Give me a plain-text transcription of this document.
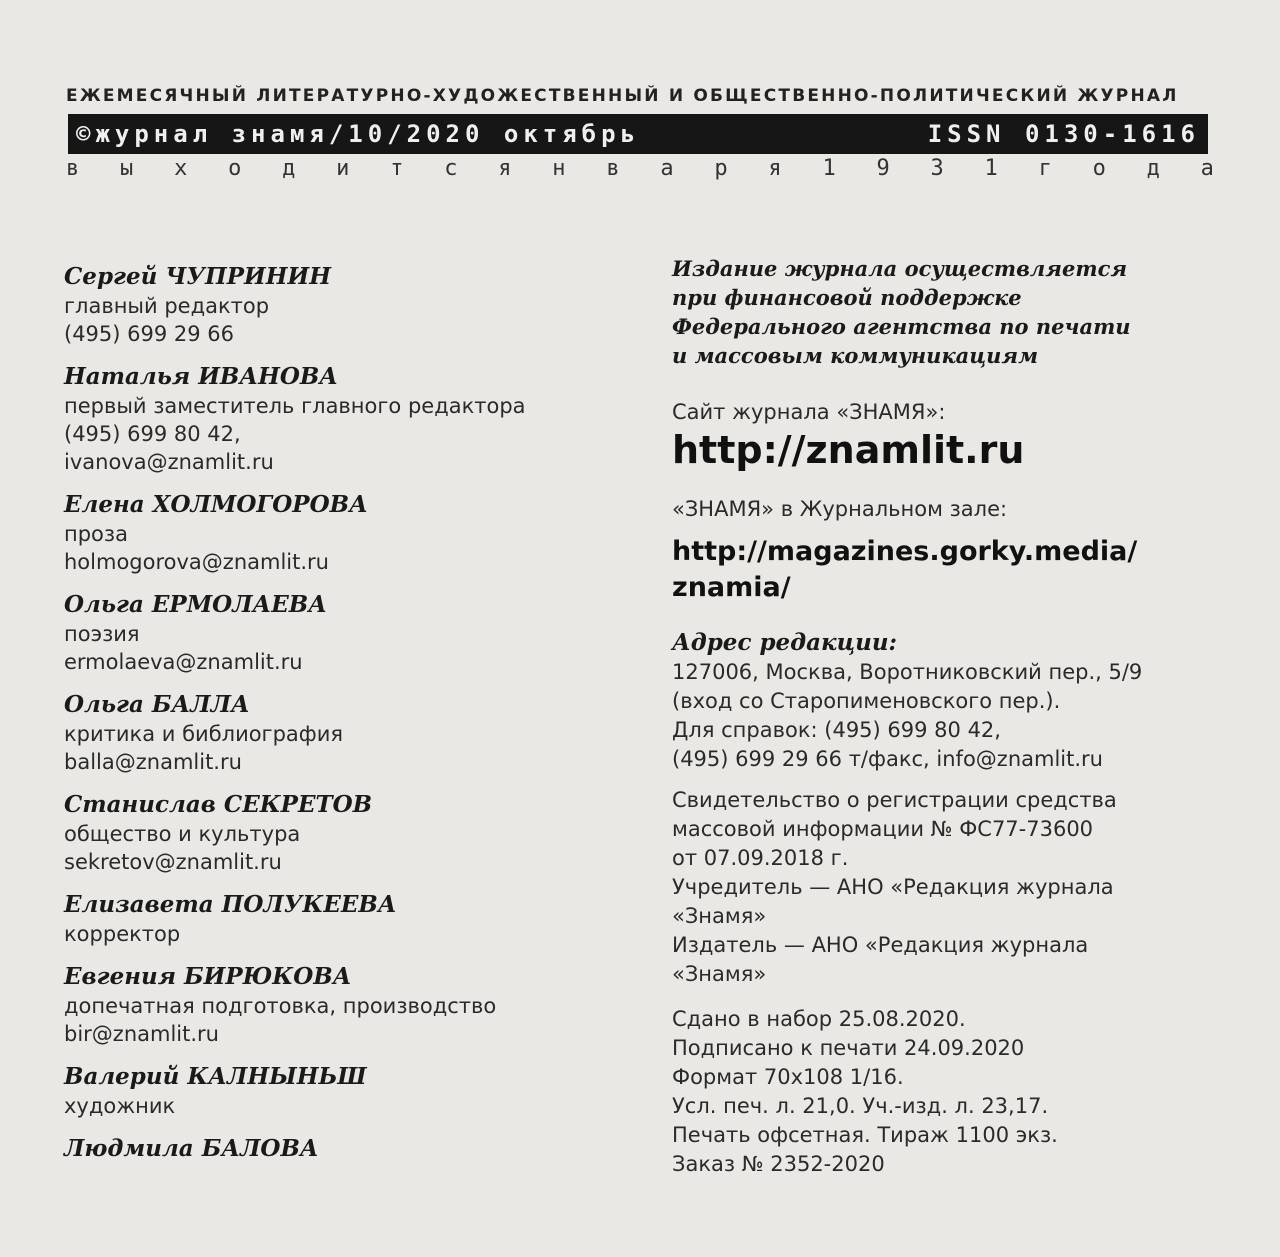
ЕЖЕМЕСЯЧНЫЙ ЛИТЕРАТУРНО-ХУДОЖЕСТВЕННЫЙ И ОБЩЕСТВЕННО-ПОЛИТИЧЕСКИЙ ЖУРНАЛ
©журнал знамя/10/2020 октябрь	ISSN 0130-1616
в ы х о д и т с я н в а р я 1 9 3 1 г о д а
Сергей ЧУПРИНИН
главный редактор
(495) 699 29 66
Наталья ИВАНОВА
первый заместитель главного редактора
(495) 699 80 42,
ivanova@znamlit.ru
Елена ХОЛМОГОРОВА
проза
holmogorova@znamlit.ru
Ольга ЕРМОЛАЕВА
поэзия
ermolaeva@znamlit.ru
Ольга БАЛЛА
критика и библиография
balla@znamlit.ru
Станислав СЕКРЕТОВ
общество и культура
sekretov@znamlit.ru
Елизавета ПОЛУКЕЕВА
корректор
Евгения БИРЮКОВА
допечатная подготовка, производство
bir@znamlit.ru
Валерий КАЛНЫНЬШ
художник
Людмила БАЛОВА
Издание журнала осуществляется
при финансовой поддержке
Федерального агентства по печати
и массовым коммуникациям
Сайт журнала «ЗНАМЯ»:
http://znamlit.ru
«ЗНАМЯ» в Журнальном зале:
http://magazines.gorky.media/
znamia/
Адрес редакции:
127006, Москва, Воротниковский пер., 5/9
(вход со Старопименовского пер.).
Для справок: (495) 699 80 42,
(495) 699 29 66 т/факс, info@znamlit.ru
Свидетельство о регистрации средства
массовой информации № ФС77-73600
от 07.09.2018 г.
Учредитель — АНО «Редакция журнала
«Знамя»
Издатель — АНО «Редакция журнала
«Знамя»
Сдано в набор 25.08.2020.
Подписано к печати 24.09.2020
Формат 70х108 1/16.
Усл. печ. л. 21,0. Уч.-изд. л. 23,17.
Печать офсетная. Тираж 1100 экз.
Заказ № 2352-2020
